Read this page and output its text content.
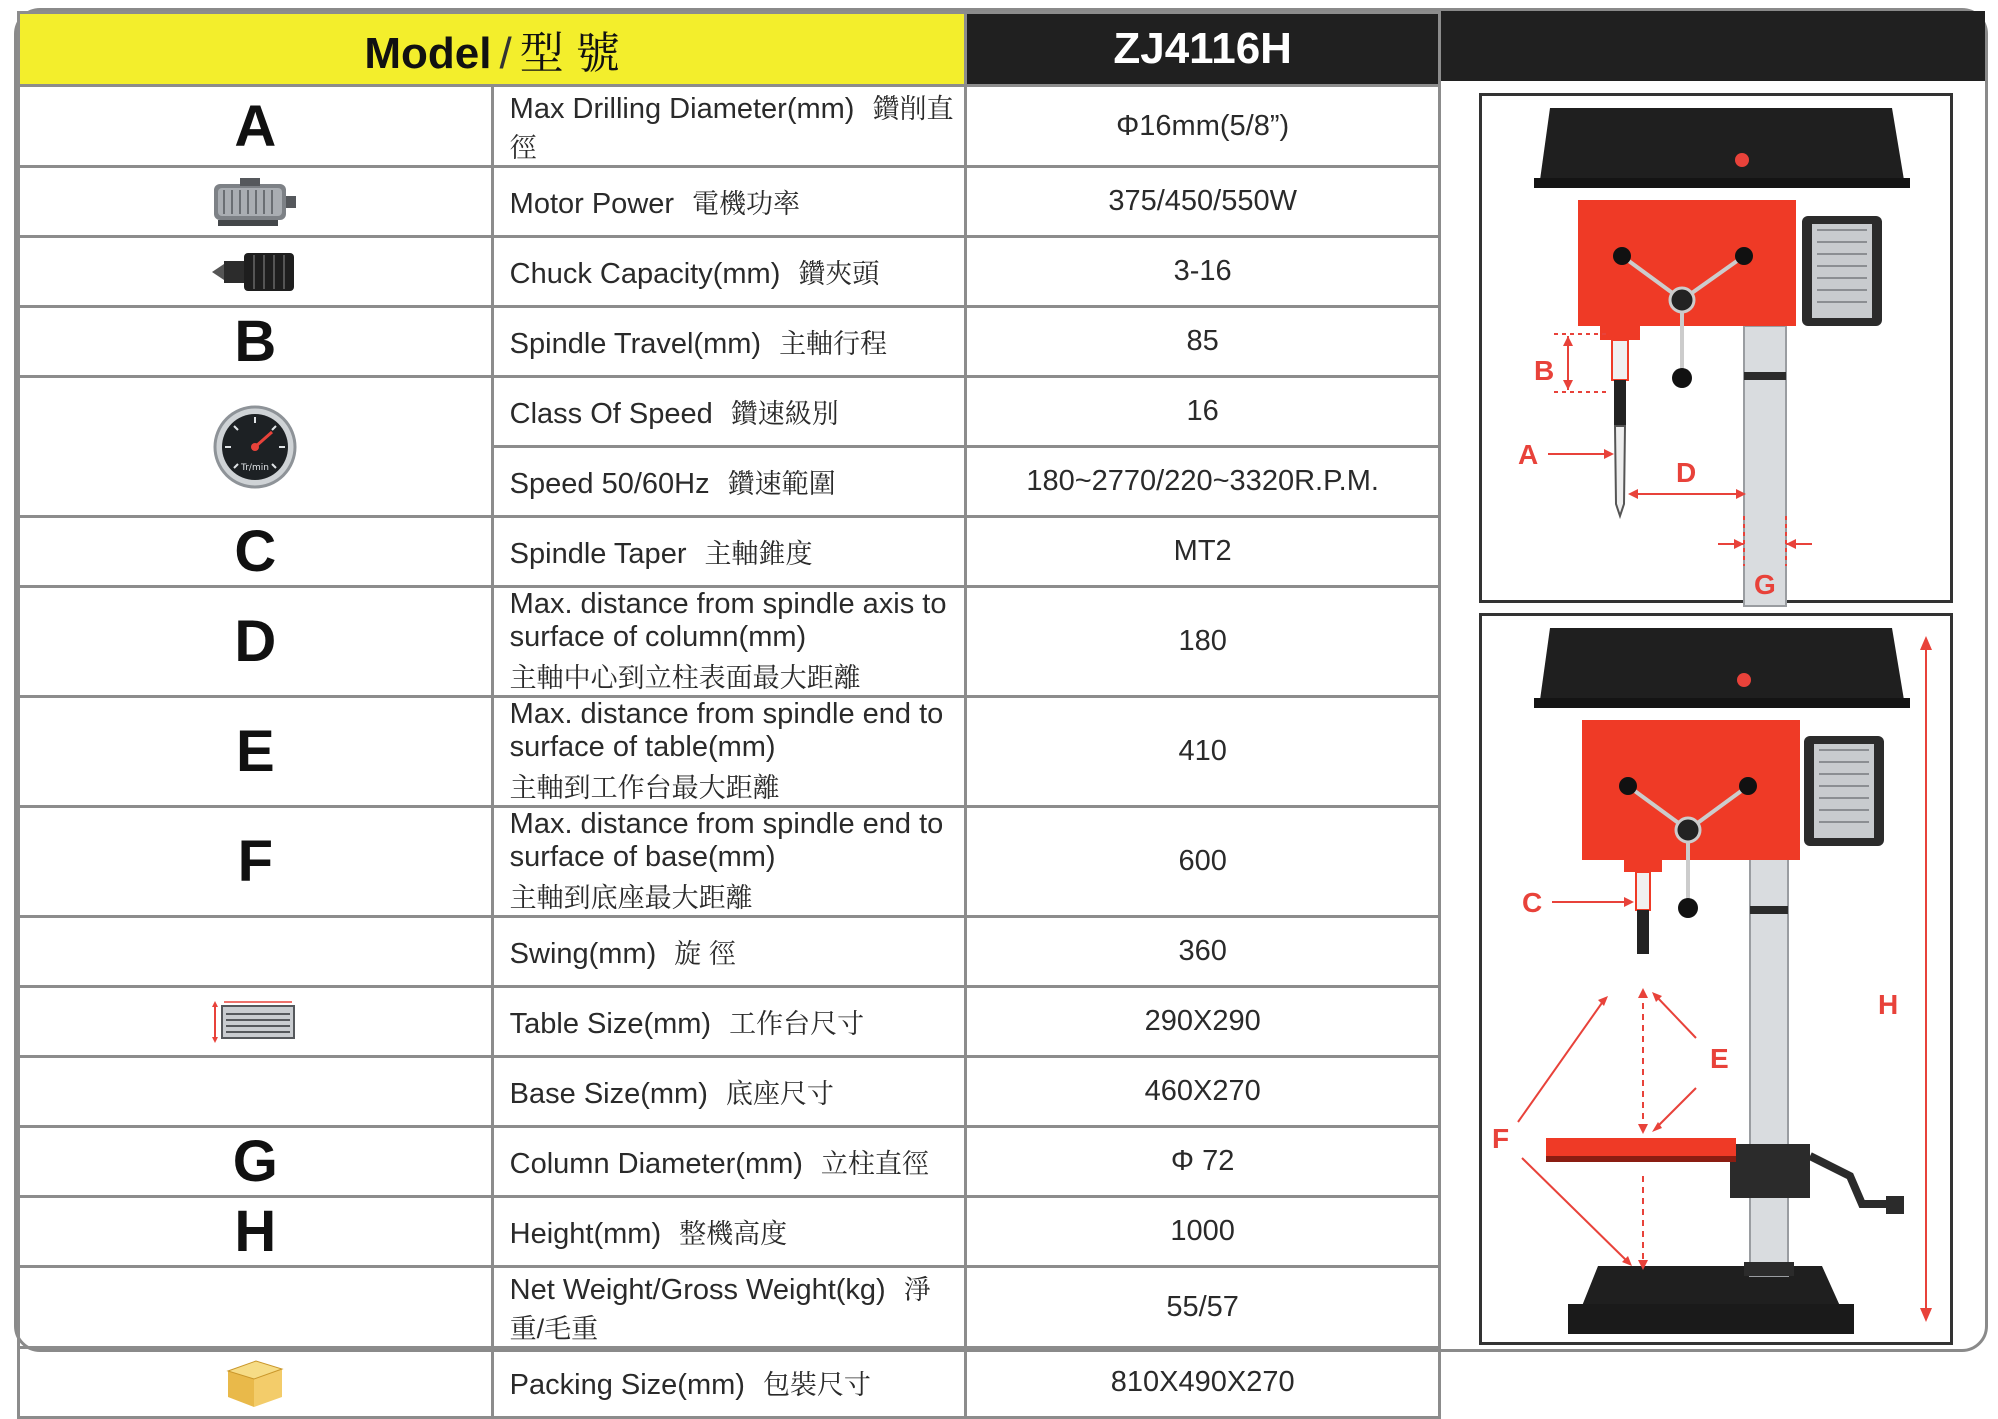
Model / 型 號		ZJ4116H
A	Max Drilling Diameter(mm) 鑽削直徑	Φ16mm(5/8”)
	Motor Power 電機功率	375/450/550W
	Chuck Capacity(mm) 鑽夾頭	3-16
B	Spindle Travel(mm) 主軸行程	85

Tr/min	Class Of Speed 鑽速級別	16
	Speed 50/60Hz 鑽速範圍	180~2770/220~3320R.P.M.
C	Spindle Taper 主軸錐度	MT2
D	Max. distance from spindle axis to surface of column(mm)
主軸中心到立柱表面最大距離	180
E	Max. distance from spindle end to surface of table(mm)
主軸到工作台最大距離	410
F	Max. distance from spindle end to surface of base(mm)
主軸到底座最大距離	600
	Swing(mm) 旋 徑	360
	Table Size(mm) 工作台尺寸	290X290
	Base Size(mm) 底座尺寸	460X270
G	Column Diameter(mm) 立柱直徑	Φ 72
H	Height(mm) 整機高度	1000
	Net Weight/Gross Weight(kg) 淨重/毛重	55/57
	Packing Size(mm) 包裝尺寸	810X490X270
B
A
D
G
C
E
F
H
